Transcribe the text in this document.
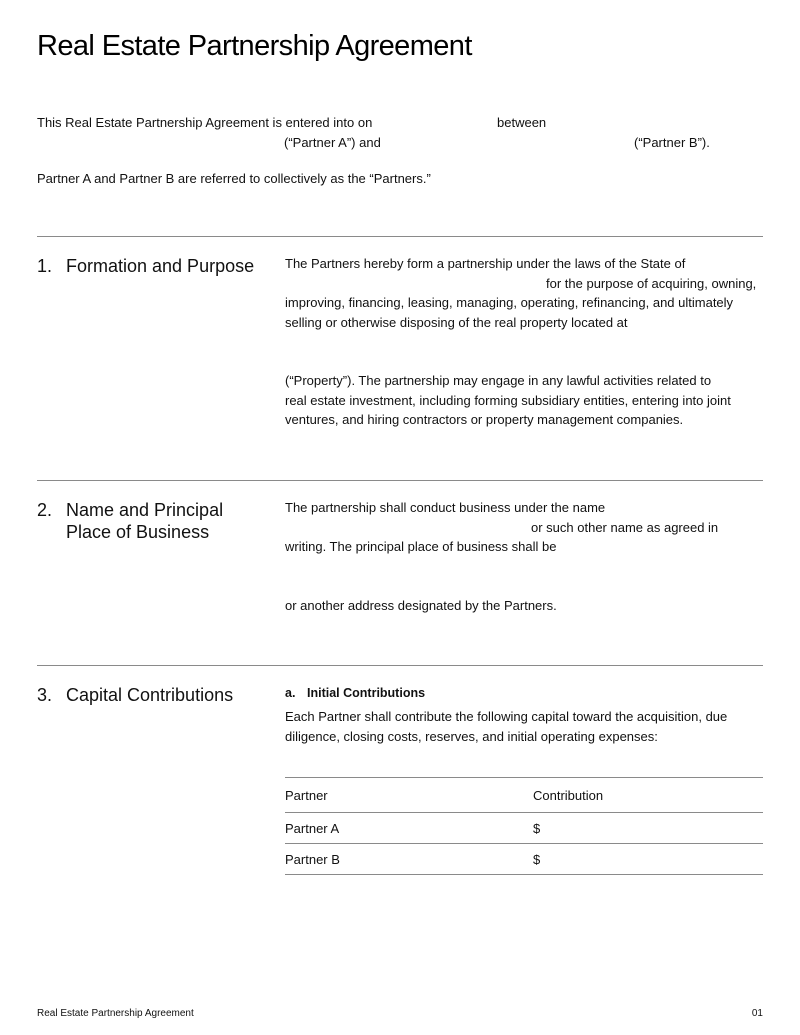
Real Estate Partnership Agreement
This Real Estate Partnership Agreement is entered into on	between
(“Partner A”) and	(“Partner B”).
Partner A and Partner B are referred to collectively as the “Partners.”
1. Formation and Purpose	The Partners hereby form a partnership under the laws of the State of
for the purpose of acquiring, owning,
improving, financing, leasing, managing, operating, refinancing, and ultimately
selling or otherwise disposing of the real property located at
(“Property”). The partnership may engage in any lawful activities related to
real estate investment, including forming subsidiary entities, entering into joint
ventures, and hiring contractors or property management companies.
2. Name and Principal
Place of Business
The partnership shall conduct business under the name
or such other name as agreed in
writing. The principal place of business shall be
or another address designated by the Partners.
3. Capital Contributions	a. Initial Contributions
Each Partner shall contribute the following capital toward the acquisition, due
diligence, closing costs, reserves, and initial operating expenses:
Partner	Contribution
Partner A	$
Partner B	$
Real Estate Partnership Agreement	01
